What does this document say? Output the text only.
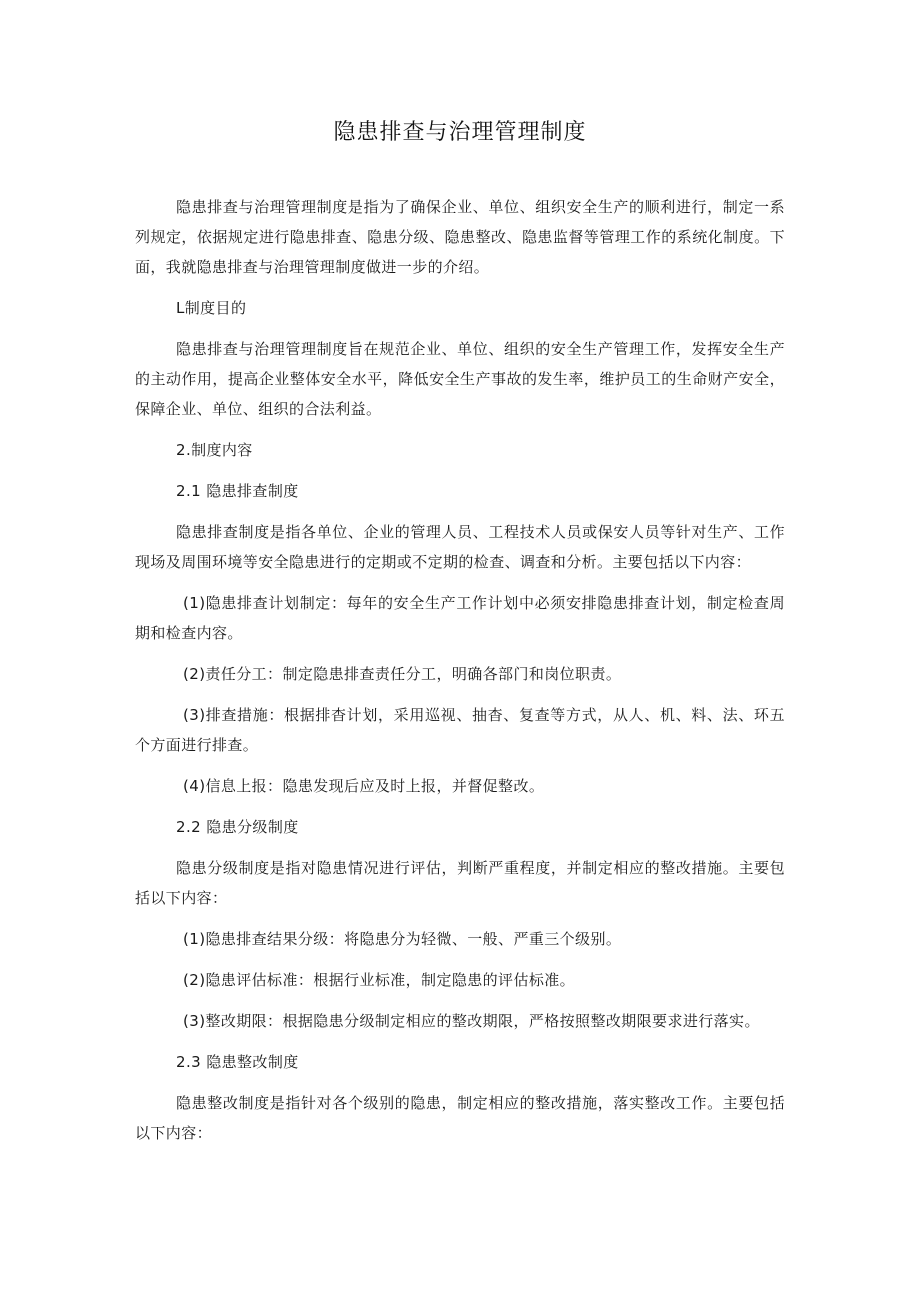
隐患排查与治理管理制度

隐患排查与治理管理制度是指为了确保企业、单位、组织安全生产的顺利进行，制定一系列规定，依据规定进行隐患排查、隐患分级、隐患整改、隐患监督等管理工作的系统化制度。下面，我就隐患排查与治理管理制度做进一步的介绍。

L制度目的

隐患排查与治理管理制度旨在规范企业、单位、组织的安全生产管理工作，发挥安全生产的主动作用，提高企业整体安全水平，降低安全生产事故的发生率，维护员工的生命财产安全，保障企业、单位、组织的合法利益。

2.制度内容

2.1 隐患排查制度

隐患排查制度是指各单位、企业的管理人员、工程技术人员或保安人员等针对生产、工作现场及周围环境等安全隐患进行的定期或不定期的检查、调查和分析。主要包括以下内容：

(1)隐患排查计划制定：每年的安全生产工作计划中必须安排隐患排查计划，制定检查周期和检查内容。

(2)责任分工：制定隐患排查责任分工，明确各部门和岗位职责。

(3)排查措施：根据排杳计划，采用巡视、抽杳、复查等方式，从人、机、料、法、环五个方面进行排查。

(4)信息上报：隐患发现后应及时上报，并督促整改。

2.2 隐患分级制度

隐患分级制度是指对隐患情况进行评估，判断严重程度，并制定相应的整改措施。主要包括以下内容：

(1)隐患排查结果分级：将隐患分为轻微、一般、严重三个级别。

(2)隐患评估标准：根据行业标准，制定隐患的评估标准。

(3)整改期限：根据隐患分级制定相应的整改期限，严格按照整改期限要求进行落实。

2.3 隐患整改制度

隐患整改制度是指针对各个级别的隐患，制定相应的整改措施，落实整改工作。主要包括以下内容：
